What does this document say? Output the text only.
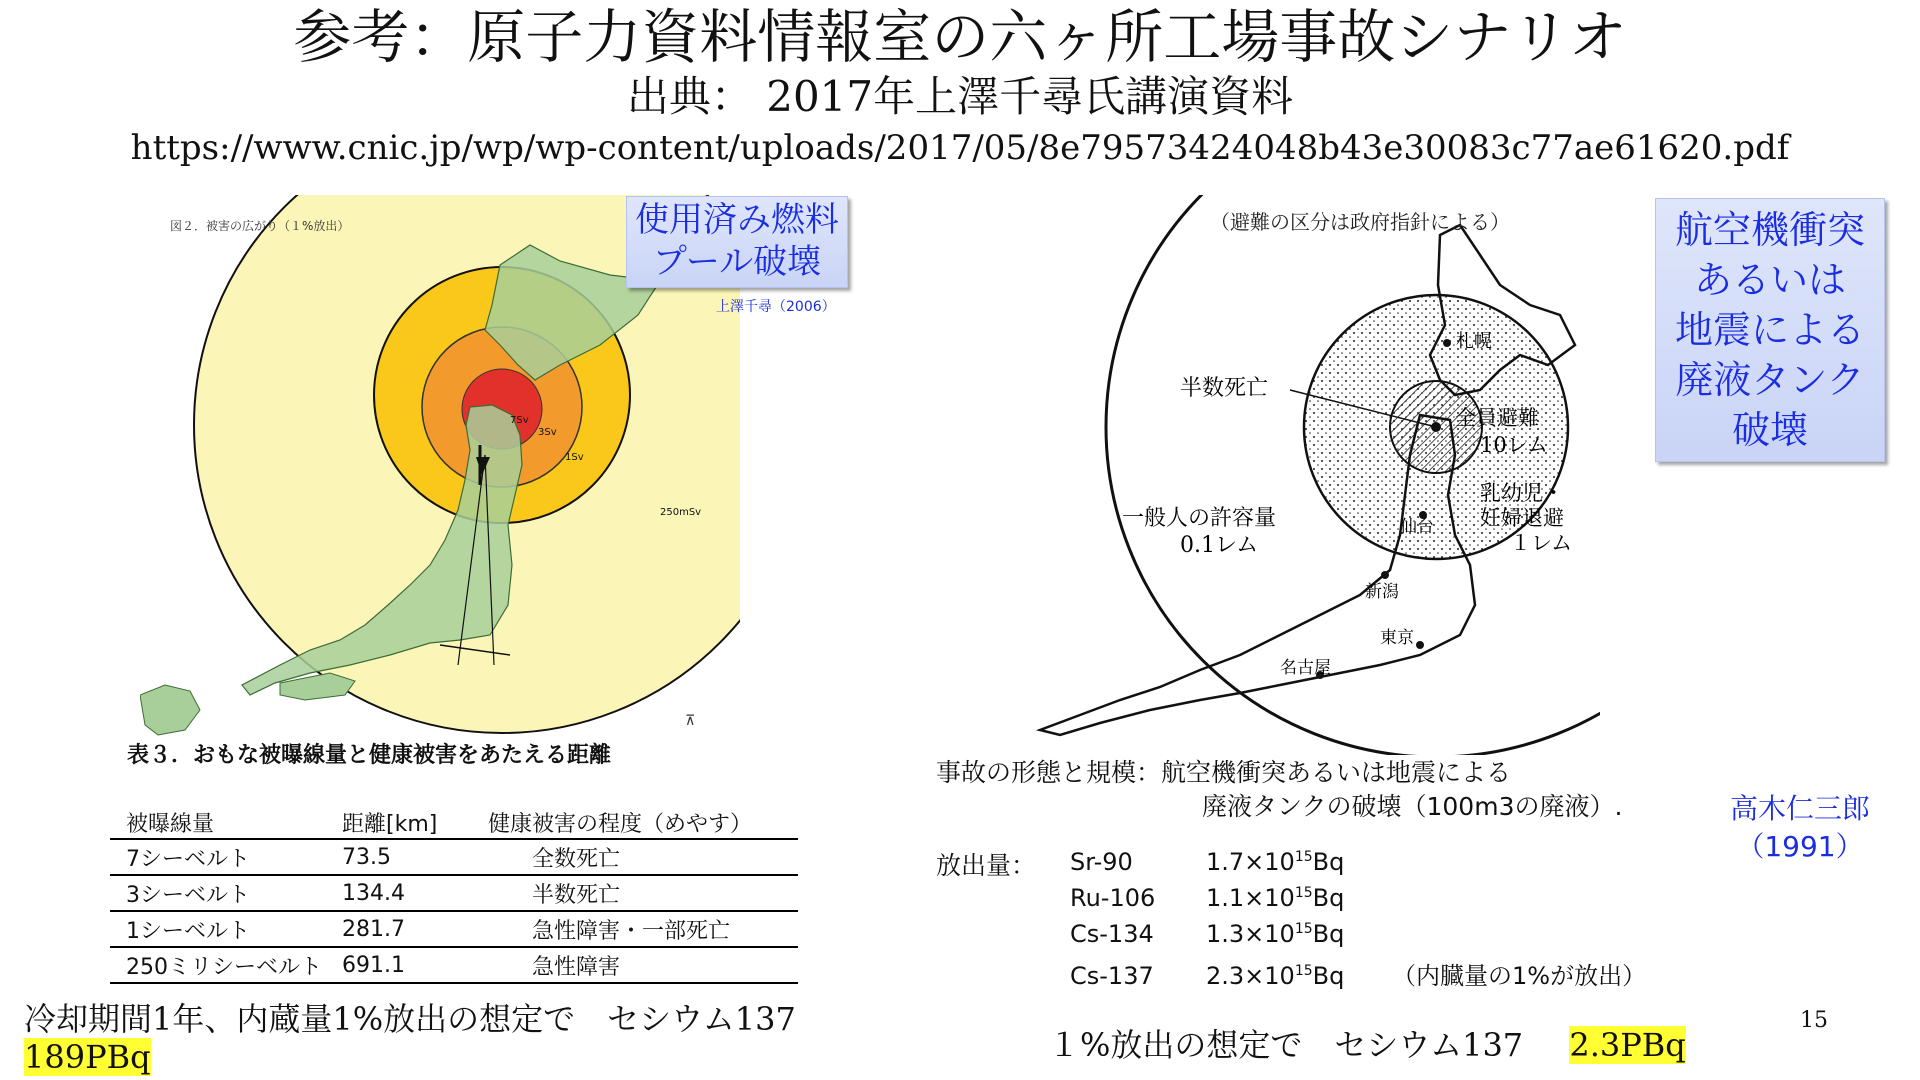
参考：原子力資料情報室の六ヶ所工場事故シナリオ
出典： 2017年上澤千尋氏講演資料
https://www.cnic.jp/wp/wp-content/uploads/2017/05/8e79573424048b43e30083c77ae61620.pdf
7Sv
3Sv
1Sv
250mSv
⊼
図２．被害の広がり（１%放出）	使用済み燃料
プール破壊
上澤千尋（2006）
表３．おもな被曝線量と健康被害をあたえる距離
被曝線量	距離[km]	健康被害の程度（めやす）
7シーベルト	73.5	全数死亡
3シーベルト	134.4	半数死亡
1シーベルト	281.7	急性障害・一部死亡
250ミリシーベルト	691.1	急性障害
冷却期間1年、内蔵量1%放出の想定で　セシウム137
189PBq
札幌
半数死亡
全員避難
10レム
乳幼児・
妊婦退避
１レム
一般人の許容量
0.1レム
仙台
新潟
東京
名古屋
（避難の区分は政府指針による）	航空機衝突
あるいは
地震による
廃液タンク
破壊
事故の形態と規模：航空機衝突あるいは地震による
廃液タンクの破壊（100m3の廃液）.	高木仁三郎
（1991）
放出量： Sr-90	$1.7\times 10^{15}Bq$
Ru-106 $1.1\times 10^{15}Bq$
Cs-134 $1.3\times 10^{15}Bq$
Cs-137 $2.3\times 10^{15}Bq$ （内臓量の1%が放出）
１%放出の想定で　セシウム137 2.3PBq
15
